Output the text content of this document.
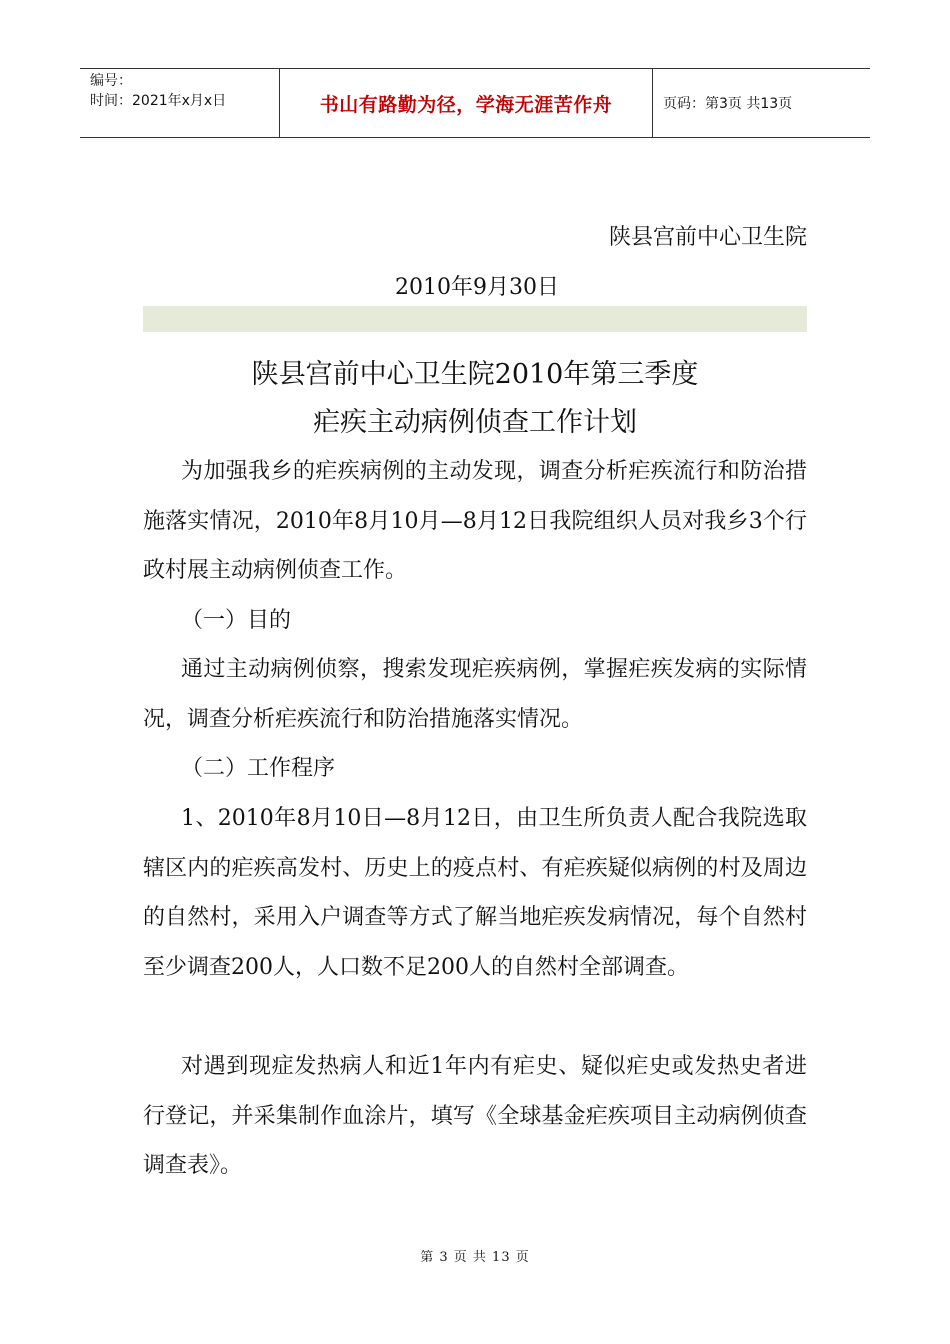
编号：
时间：2021年x月x日	书山有路勤为径，学海无涯苦作舟	页码：第3页 共13页
陕县宫前中心卫生院
2010年9月30日
陕县宫前中心卫生院2010年第三季度
疟疾主动病例侦查工作计划
为加强我乡的疟疾病例的主动发现，调查分析疟疾流行和防治措施落实情况，2010年8月10月—8月12日我院组织人员对我乡3个行政村展主动病例侦查工作。
（一）目的
通过主动病例侦察，搜索发现疟疾病例，掌握疟疾发病的实际情况，调查分析疟疾流行和防治措施落实情况。
（二）工作程序
1、2010年8月10日—8月12日，由卫生所负责人配合我院选取辖区内的疟疾高发村、历史上的疫点村、有疟疾疑似病例的村及周边的自然村，采用入户调查等方式了解当地疟疾发病情况，每个自然村至少调查200人，人口数不足200人的自然村全部调查。
对遇到现症发热病人和近1年内有疟史、疑似疟史或发热史者进行登记，并采集制作血涂片，填写《全球基金疟疾项目主动病例侦查调查表》。
第 3 页 共 13 页
